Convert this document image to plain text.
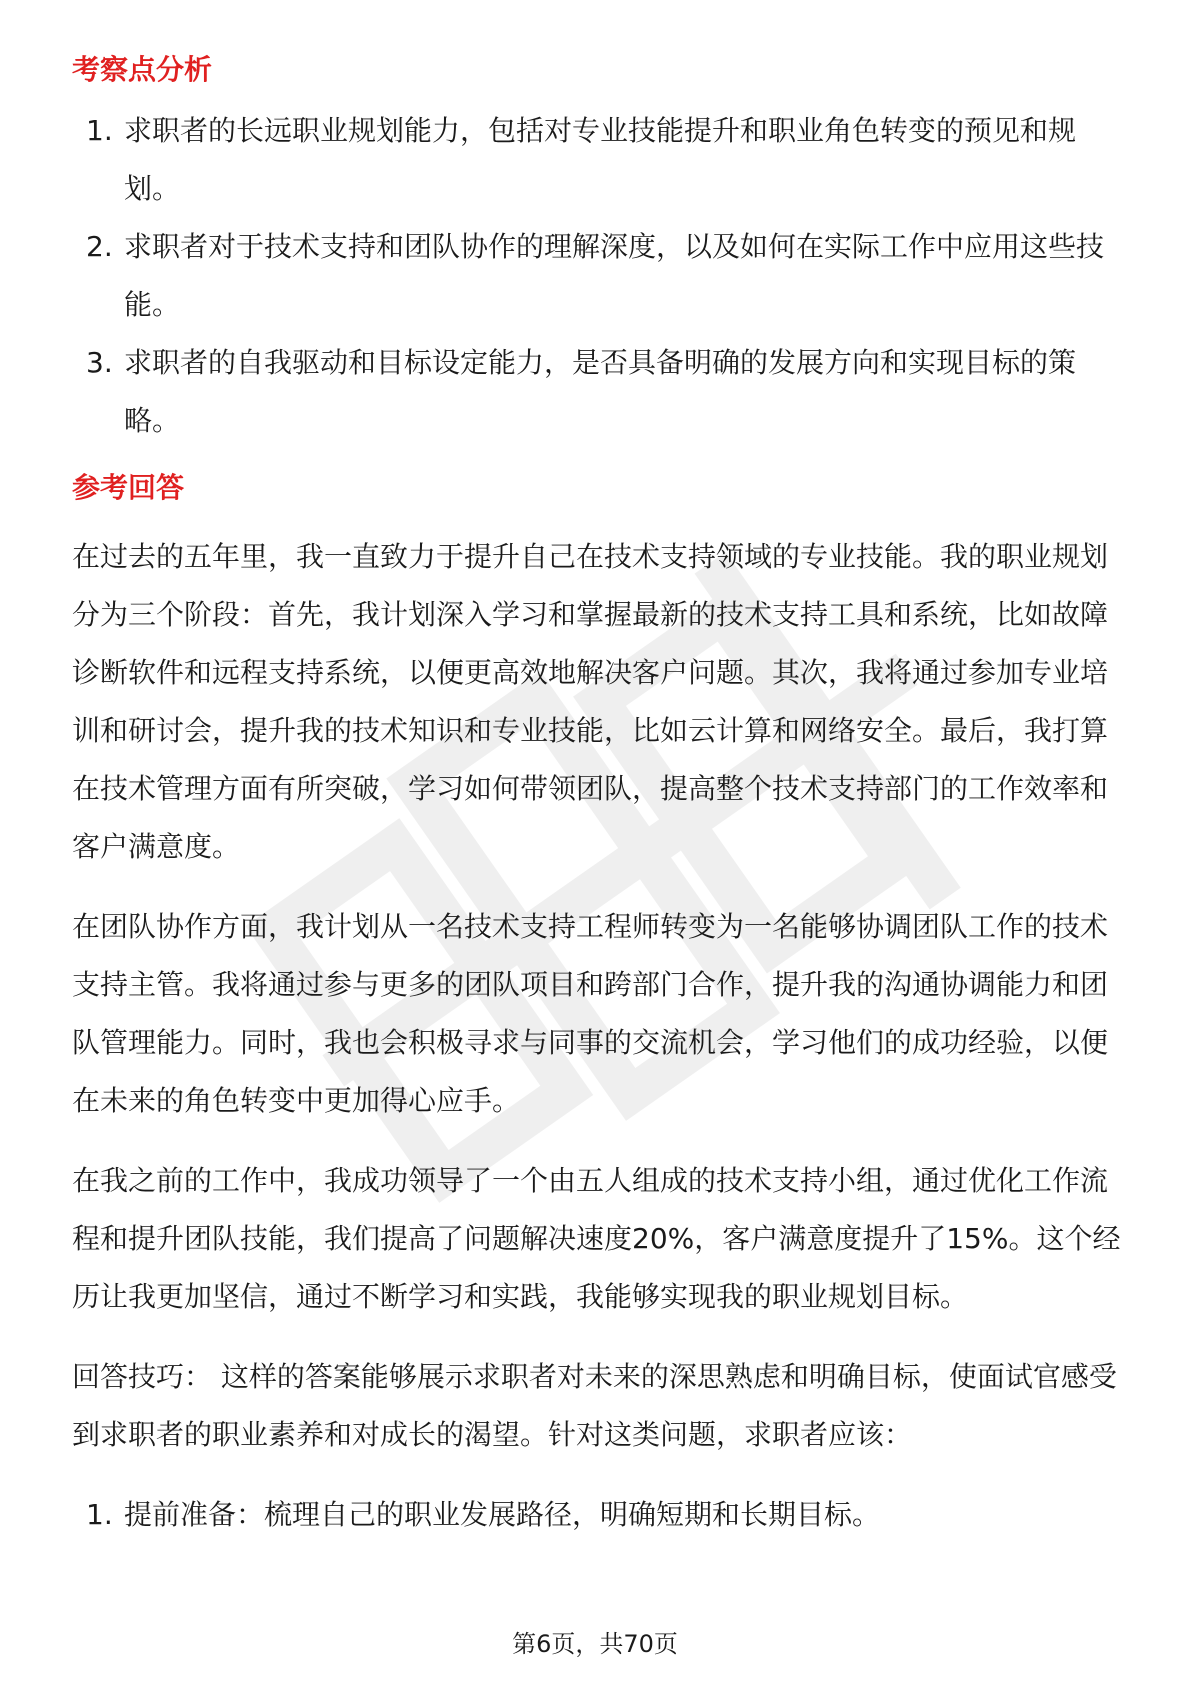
考察点分析
1. 求职者的长远职业规划能力，包括对专业技能提升和职业角色转变的预见和规划。
2. 求职者对于技术支持和团队协作的理解深度，以及如何在实际工作中应用这些技能。
3. 求职者的自我驱动和目标设定能力，是否具备明确的发展方向和实现目标的策略。
参考回答

在过去的五年里，我一直致力于提升自己在技术支持领域的专业技能。我的职业规划分为三个阶段：首先，我计划深入学习和掌握最新的技术支持工具和系统，比如故障诊断软件和远程支持系统，以便更高效地解决客户问题。其次，我将通过参加专业培训和研讨会，提升我的技术知识和专业技能，比如云计算和网络安全。最后，我打算在技术管理方面有所突破，学习如何带领团队，提高整个技术支持部门的工作效率和客户满意度。

在团队协作方面，我计划从一名技术支持工程师转变为一名能够协调团队工作的技术支持主管。我将通过参与更多的团队项目和跨部门合作，提升我的沟通协调能力和团队管理能力。同时，我也会积极寻求与同事的交流机会，学习他们的成功经验，以便在未来的角色转变中更加得心应手。

在我之前的工作中，我成功领导了一个由五人组成的技术支持小组，通过优化工作流程和提升团队技能，我们提高了问题解决速度20%，客户满意度提升了15%。这个经历让我更加坚信，通过不断学习和实践，我能够实现我的职业规划目标。

回答技巧： 这样的答案能够展示求职者对未来的深思熟虑和明确目标，使面试官感受到求职者的职业素养和对成长的渴望。针对这类问题，求职者应该：

1. 提前准备：梳理自己的职业发展路径，明确短期和长期目标。
第6页，共70页
